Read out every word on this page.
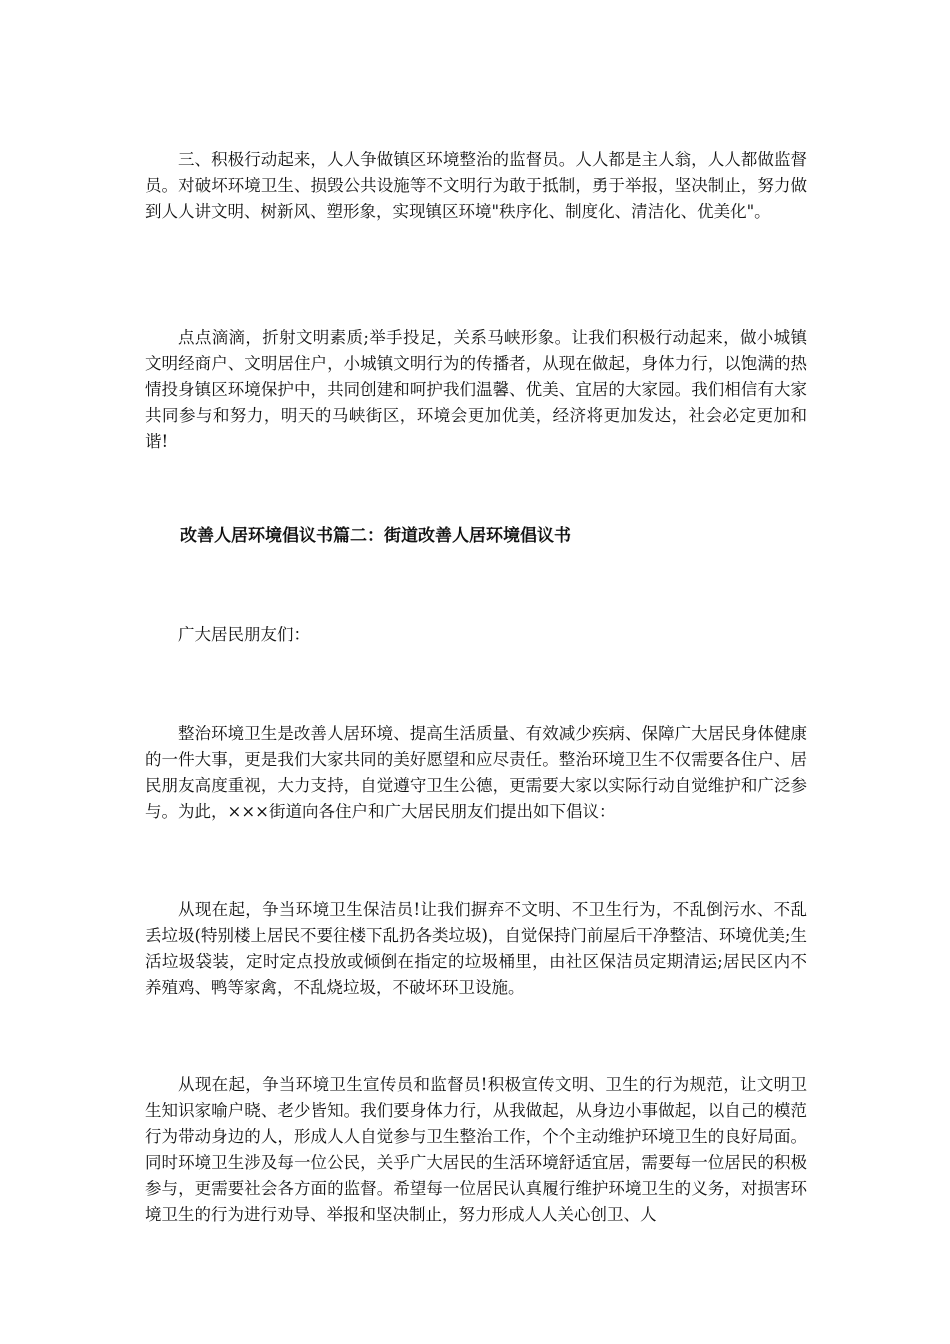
三、积极行动起来，人人争做镇区环境整治的监督员。人人都是主人翁，人人都做监督员。对破坏环境卫生、损毁公共设施等不文明行为敢于抵制，勇于举报，坚决制止，努力做到人人讲文明、树新风、塑形象，实现镇区环境"秩序化、制度化、清洁化、优美化"。

点点滴滴，折射文明素质;举手投足，关系马峡形象。让我们积极行动起来，做小城镇文明经商户、文明居住户，小城镇文明行为的传播者，从现在做起，身体力行，以饱满的热情投身镇区环境保护中，共同创建和呵护我们温馨、优美、宜居的大家园。我们相信有大家共同参与和努力，明天的马峡街区，环境会更加优美，经济将更加发达，社会必定更加和谐!

改善人居环境倡议书篇二：街道改善人居环境倡议书

广大居民朋友们：

整治环境卫生是改善人居环境、提高生活质量、有效减少疾病、保障广大居民身体健康的一件大事，更是我们大家共同的美好愿望和应尽责任。整治环境卫生不仅需要各住户、居民朋友高度重视，大力支持，自觉遵守卫生公德，更需要大家以实际行动自觉维护和广泛参与。为此，×××街道向各住户和广大居民朋友们提出如下倡议：

从现在起，争当环境卫生保洁员!让我们摒弃不文明、不卫生行为，不乱倒污水、不乱丢垃圾(特别楼上居民不要往楼下乱扔各类垃圾)，自觉保持门前屋后干净整洁、环境优美;生活垃圾袋装，定时定点投放或倾倒在指定的垃圾桶里，由社区保洁员定期清运;居民区内不养殖鸡、鸭等家禽，不乱烧垃圾，不破坏环卫设施。

从现在起，争当环境卫生宣传员和监督员!积极宣传文明、卫生的行为规范，让文明卫生知识家喻户晓、老少皆知。我们要身体力行，从我做起，从身边小事做起，以自己的模范行为带动身边的人，形成人人自觉参与卫生整治工作，个个主动维护环境卫生的良好局面。 同时环境卫生涉及每一位公民，关乎广大居民的生活环境舒适宜居，需要每一位居民的积极参与，更需要社会各方面的监督。希望每一位居民认真履行维护环境卫生的义务，对损害环境卫生的行为进行劝导、举报和坚决制止，努力形成人人关心创卫、人
